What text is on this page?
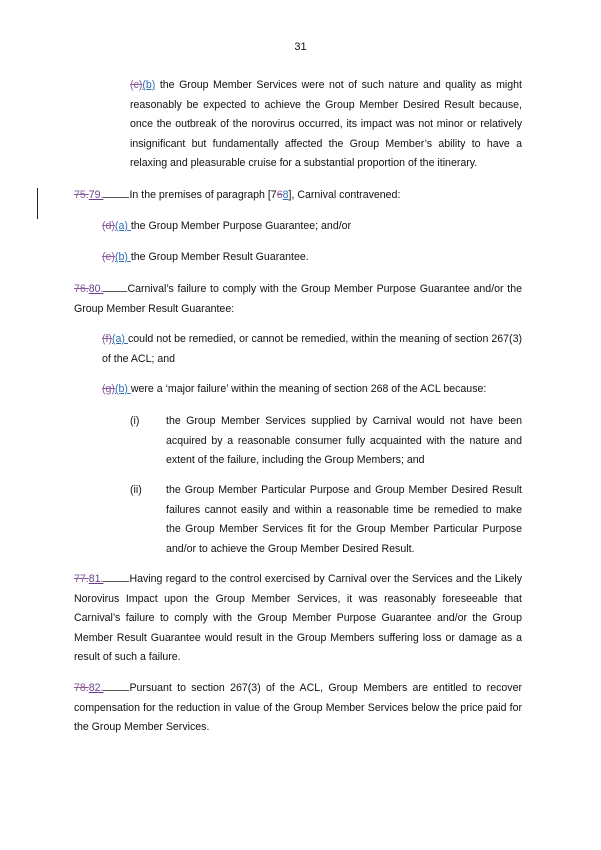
31
(c)(b) the Group Member Services were not of such nature and quality as might reasonably be expected to achieve the Group Member Desired Result because, once the outbreak of the norovirus occurred, its impact was not minor or relatively insignificant but fundamentally affected the Group Member’s ability to have a relaxing and pleasurable cruise for a substantial proportion of the itinerary.
75.79. In the premises of paragraph [768], Carnival contravened:
(d)(a) the Group Member Purpose Guarantee; and/or
(e)(b) the Group Member Result Guarantee.
76.80. Carnival’s failure to comply with the Group Member Purpose Guarantee and/or the Group Member Result Guarantee:
(f)(a) could not be remedied, or cannot be remedied, within the meaning of section 267(3) of the ACL; and
(g)(b) were a ‘major failure’ within the meaning of section 268 of the ACL because:
(i)	the Group Member Services supplied by Carnival would not have been acquired by a reasonable consumer fully acquainted with the nature and extent of the failure, including the Group Members; and
(ii) the Group Member Particular Purpose and Group Member Desired Result failures cannot easily and within a reasonable time be remedied to make the Group Member Services fit for the Group Member Particular Purpose and/or to achieve the Group Member Desired Result.
77.81. Having regard to the control exercised by Carnival over the Services and the Likely Norovirus Impact upon the Group Member Services, it was reasonably foreseeable that Carnival’s failure to comply with the Group Member Purpose Guarantee and/or the Group Member Result Guarantee would result in the Group Members suffering loss or damage as a result of such a failure.
78.82. Pursuant to section 267(3) of the ACL, Group Members are entitled to recover compensation for the reduction in value of the Group Member Services below the price paid for the Group Member Services.
